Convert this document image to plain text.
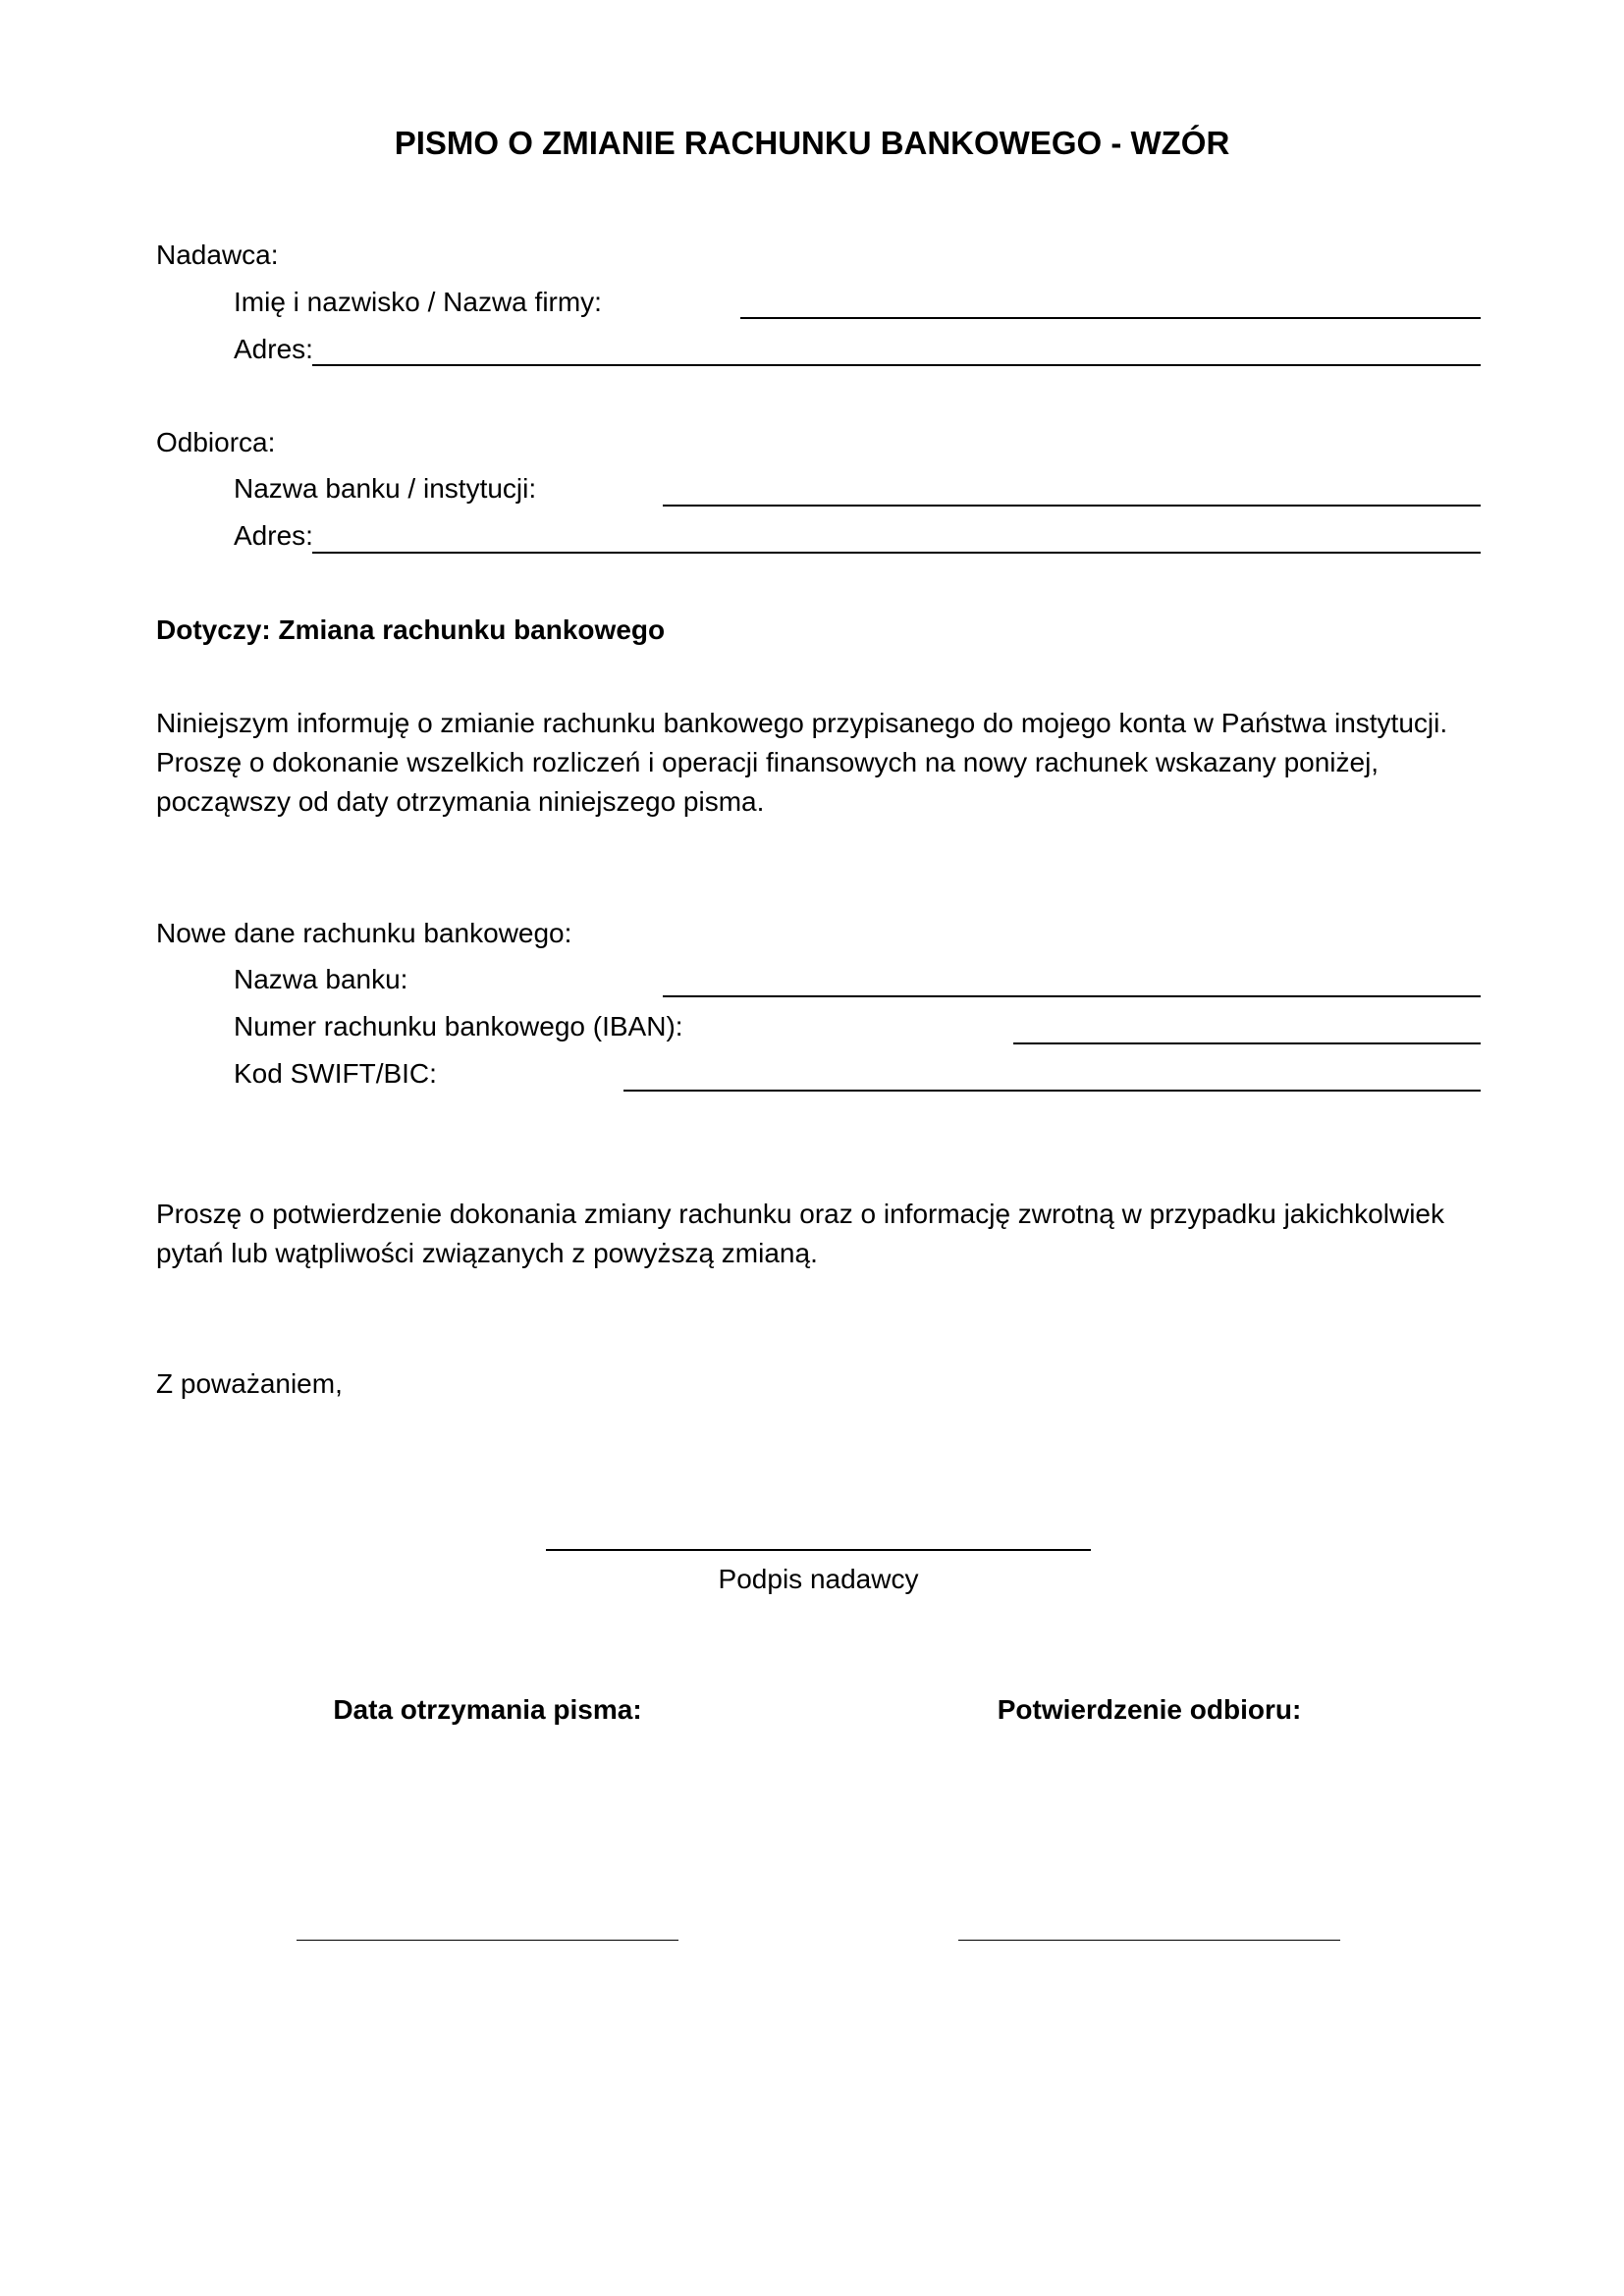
PISMO O ZMIANIE RACHUNKU BANKOWEGO - WZÓR
Nadawca:
Imię i nazwisko / Nazwa firmy:
Adres:
Odbiorca:
Nazwa banku / instytucji:
Adres:
Dotyczy: Zmiana rachunku bankowego
Niniejszym informuję o zmianie rachunku bankowego przypisanego do mojego konta w Państwa instytucji.
Proszę o dokonanie wszelkich rozliczeń i operacji finansowych na nowy rachunek wskazany poniżej,
począwszy od daty otrzymania niniejszego pisma.
Nowe dane rachunku bankowego:
Nazwa banku:
Numer rachunku bankowego (IBAN):
Kod SWIFT/BIC:
Proszę o potwierdzenie dokonania zmiany rachunku oraz o informację zwrotną w przypadku jakichkolwiek
pytań lub wątpliwości związanych z powyższą zmianą.
Z poważaniem,
Podpis nadawcy
Data otrzymania pisma:	Potwierdzenie odbioru:
